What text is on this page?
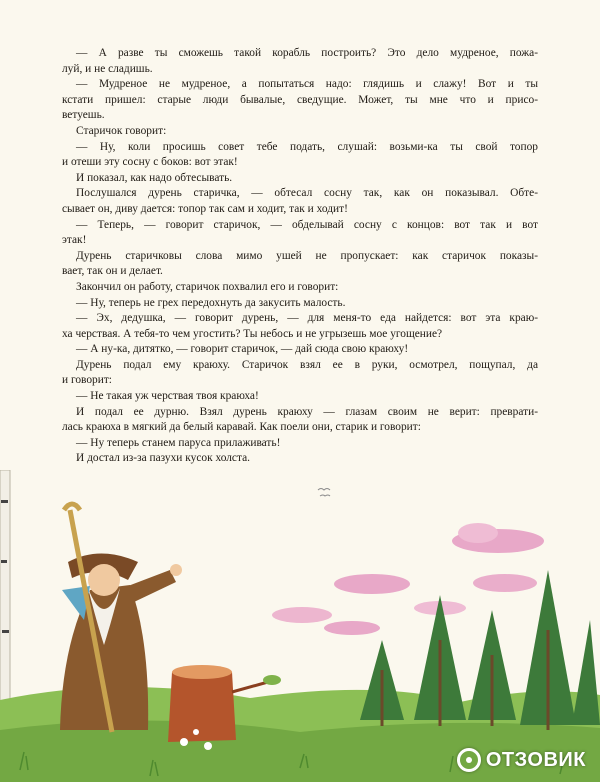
— А разве ты сможешь такой корабль построить? Это дело мудреное, пожа-
луй, и не сладишь.
— Мудреное не мудреное, а попытаться надо: глядишь и слажу! Вот и ты
кстати пришел: старые люди бывалые, сведущие. Может, ты мне что и присо-
ветуешь.
Старичок говорит:
— Ну, коли просишь совет тебе подать, слушай: возьми-ка ты свой топор
и отеши эту сосну с боков: вот этак!
И показал, как надо обтесывать.
Послушался дурень старичка, — обтесал сосну так, как он показывал. Обте-
сывает он, диву дается: топор так сам и ходит, так и ходит!
— Теперь, — говорит старичок, — обделывай сосну с концов: вот так и вот
этак!
Дурень старичковы слова мимо ушей не пропускает: как старичок показы-
вает, так он и делает.
Закончил он работу, старичок похвалил его и говорит:
— Ну, теперь не грех передохнуть да закусить малость.
— Эх, дедушка, — говорит дурень, — для меня-то еда найдется: вот эта краю-
ха черствая. А тебя-то чем угостить? Ты небось и не угрызешь мое угощение?
— А ну-ка, дитятко, — говорит старичок, — дай сюда свою краюху!
Дурень подал ему краюху. Старичок взял ее в руки, осмотрел, пощупал, да
и говорит:
— Не такая уж черствая твоя краюха!
И подал ее дурню. Взял дурень краюху — глазам своим не верит: преврати-
лась краюха в мягкий да белый каравай. Как поели они, старик и говорит:
— Ну теперь станем паруса прилаживать!
И достал из-за пазухи кусок холста.
ОТЗОВИК
